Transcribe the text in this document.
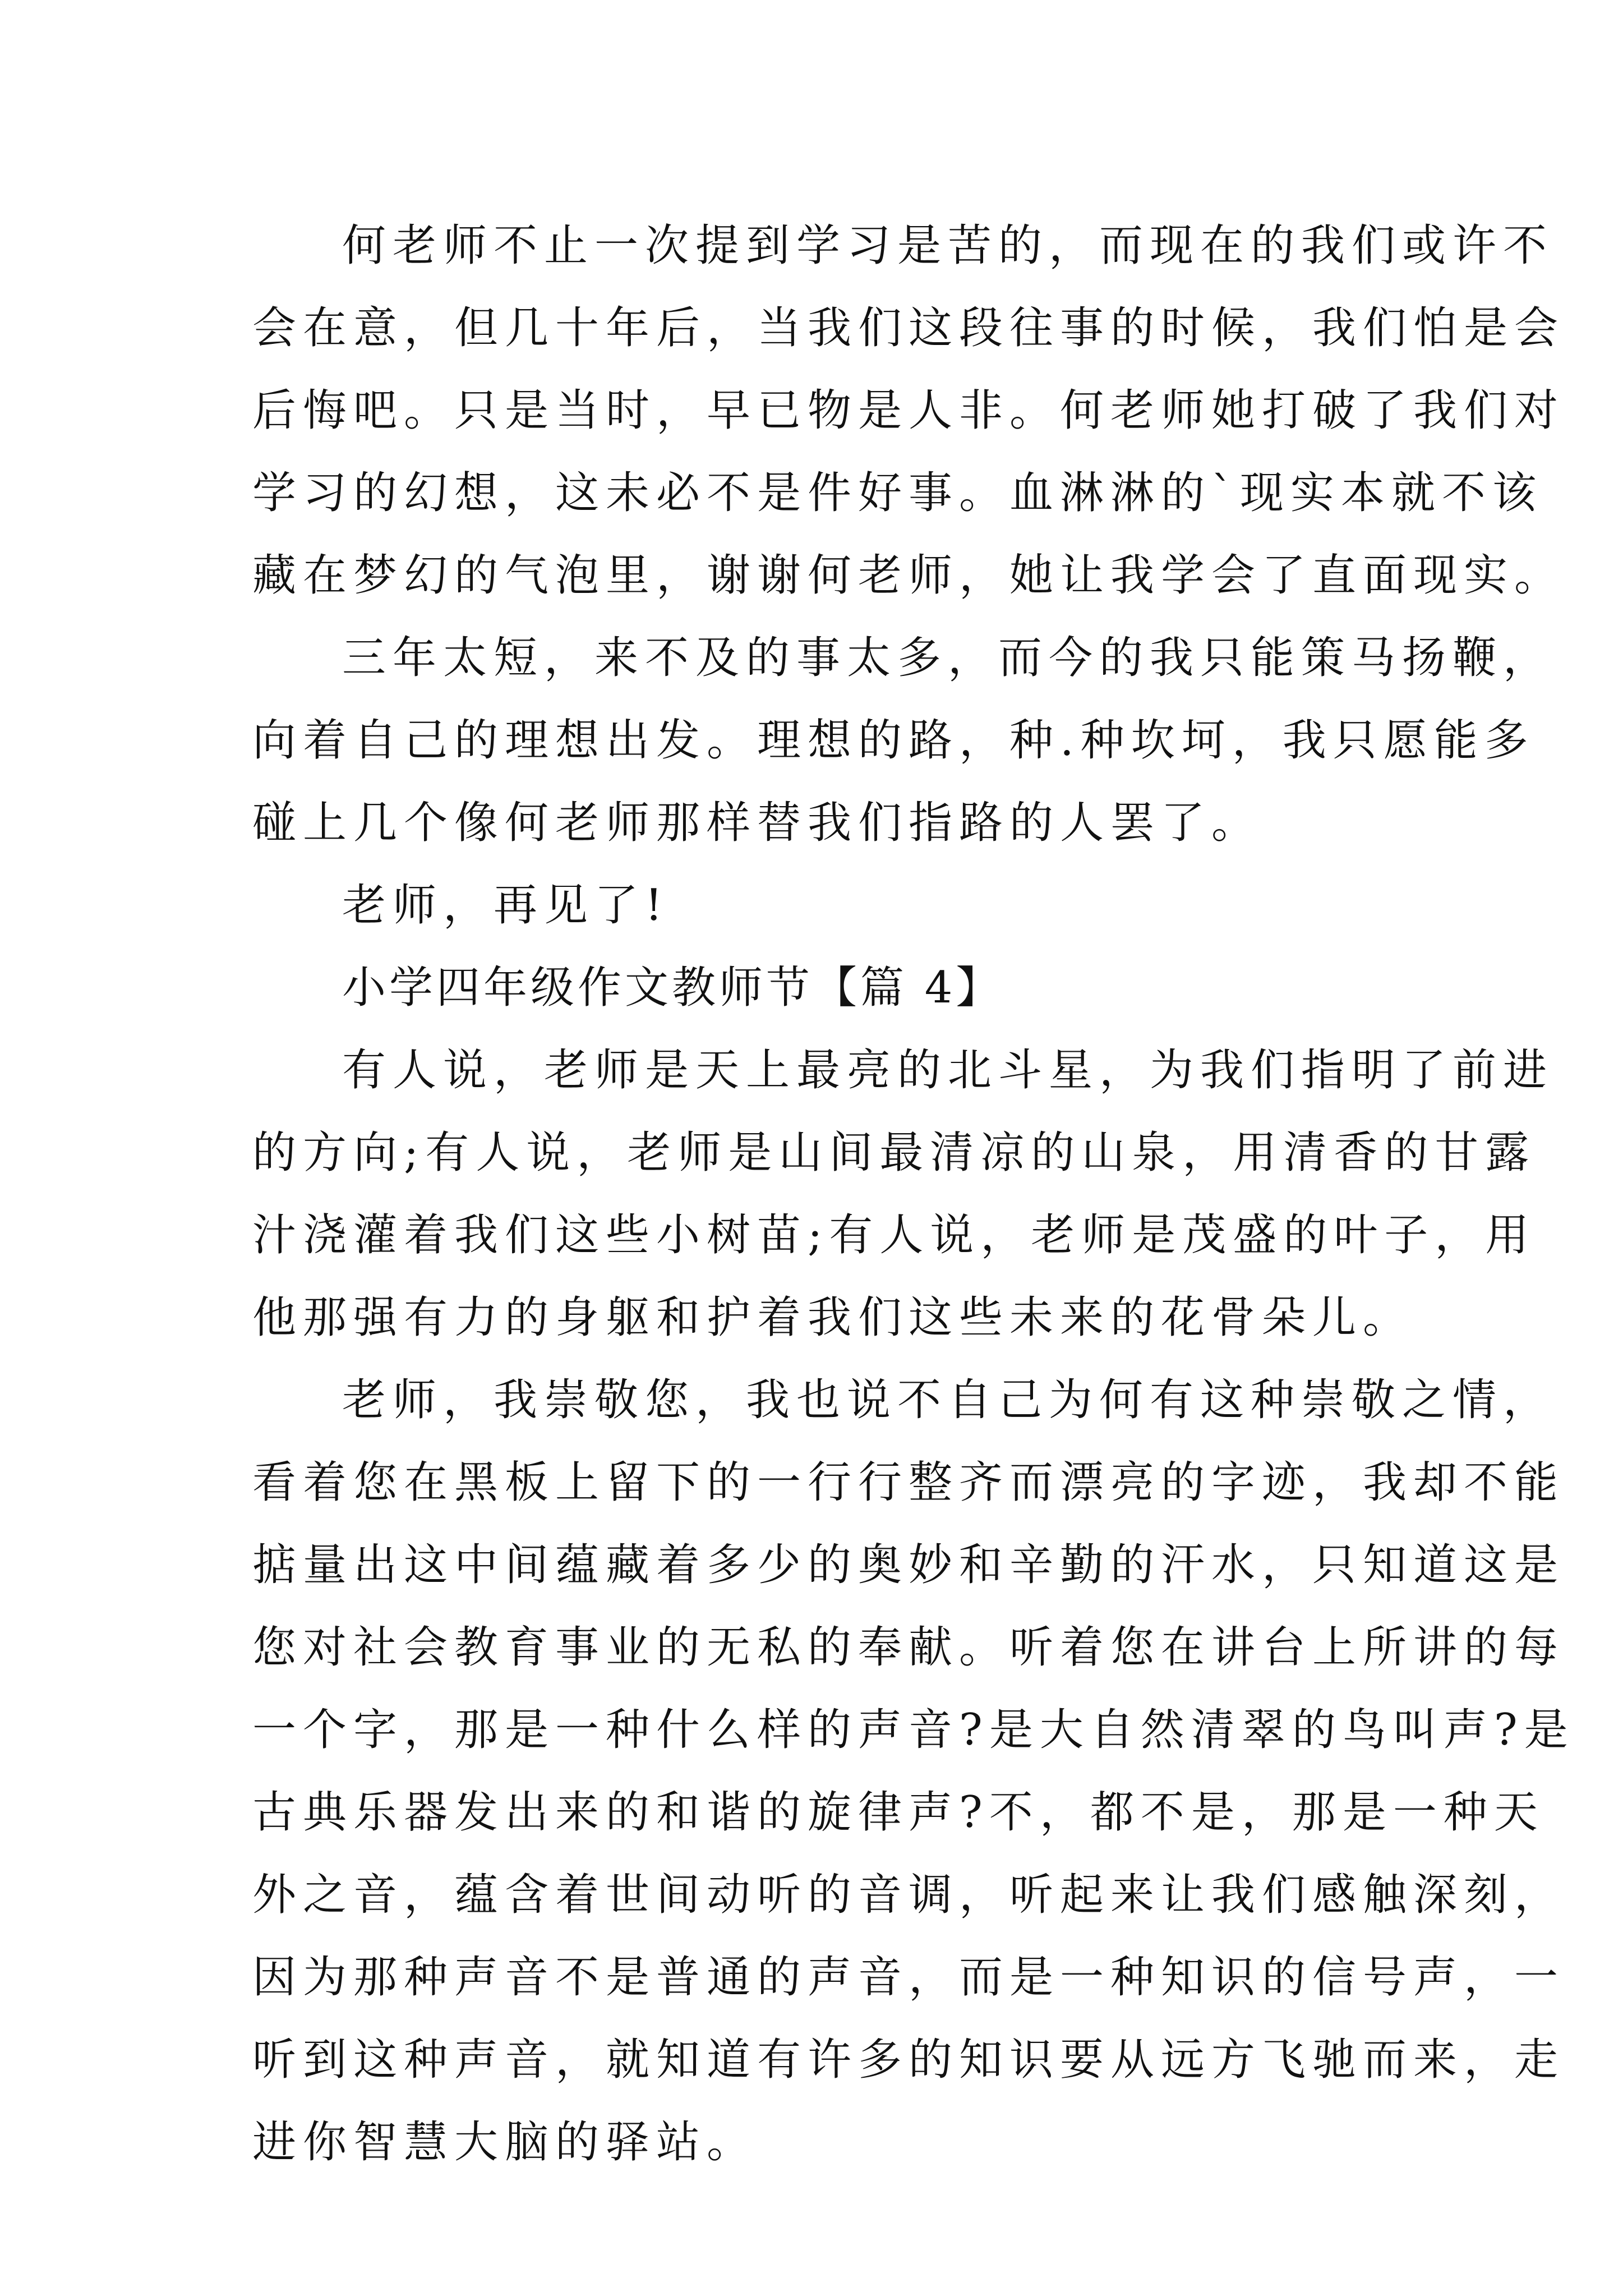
何老师不止一次提到学习是苦的，而现在的我们或许不
会在意，但几十年后，当我们这段往事的时候，我们怕是会
后悔吧。只是当时，早已物是人非。何老师她打破了我们对
学习的幻想，这未必不是件好事。血淋淋的`现实本就不该
藏在梦幻的气泡里，谢谢何老师，她让我学会了直面现实。
三年太短，来不及的事太多，而今的我只能策马扬鞭，
向着自己的理想出发。理想的路，种.种坎坷，我只愿能多
碰上几个像何老师那样替我们指路的人罢了。
老师，再见了!
小学四年级作文教师节【篇 4】
有人说，老师是天上最亮的北斗星，为我们指明了前进
的方向;有人说，老师是山间最清凉的山泉，用清香的甘露
汁浇灌着我们这些小树苗;有人说，老师是茂盛的叶子，用
他那强有力的身躯和护着我们这些未来的花骨朵儿。
老师，我崇敬您，我也说不自己为何有这种崇敬之情，
看着您在黑板上留下的一行行整齐而漂亮的字迹，我却不能
掂量出这中间蕴藏着多少的奥妙和辛勤的汗水，只知道这是
您对社会教育事业的无私的奉献。听着您在讲台上所讲的每
一个字，那是一种什么样的声音?是大自然清翠的鸟叫声?是
古典乐器发出来的和谐的旋律声?不，都不是，那是一种天
外之音，蕴含着世间动听的音调，听起来让我们感触深刻，
因为那种声音不是普通的声音，而是一种知识的信号声，一
听到这种声音，就知道有许多的知识要从远方飞驰而来，走
进你智慧大脑的驿站。
